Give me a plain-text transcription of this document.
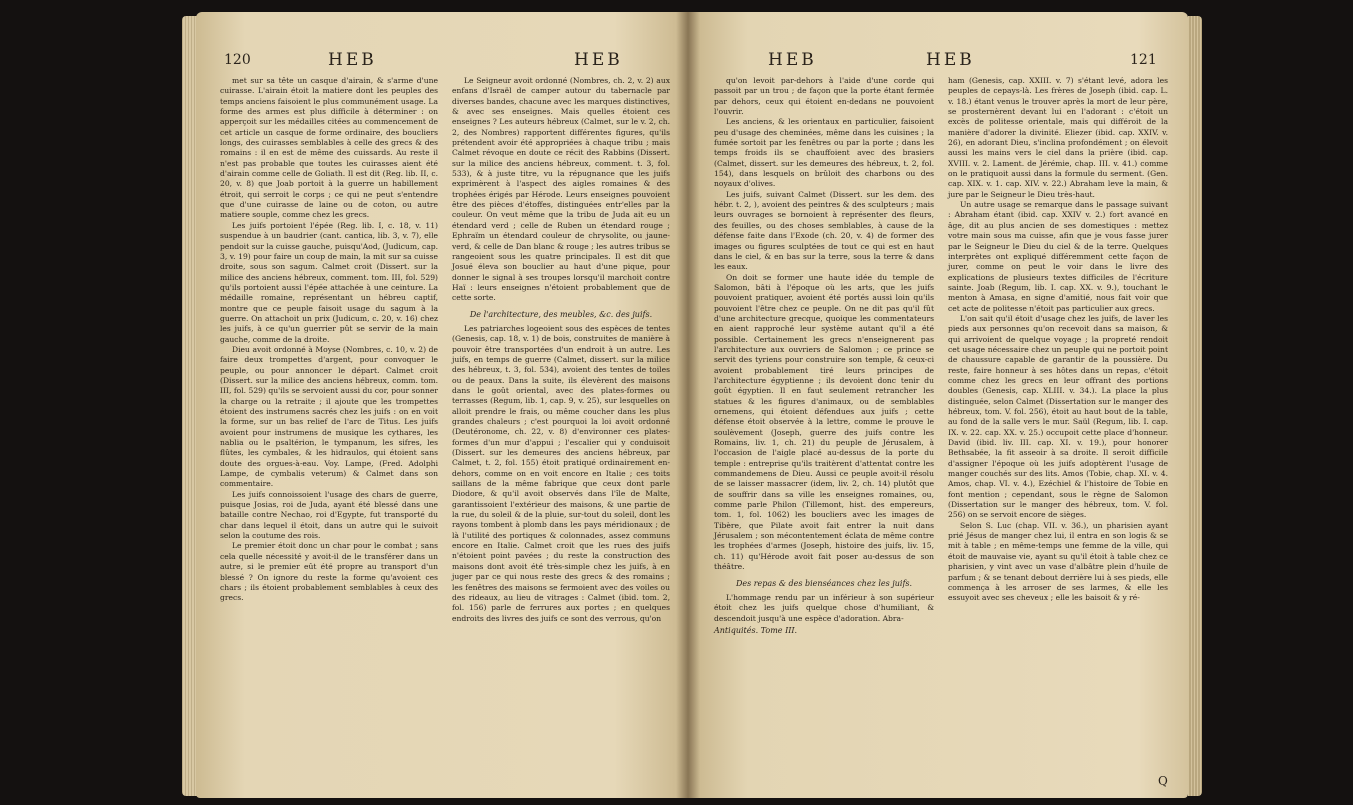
120	HEB	HEB

met sur sa tête un casque d'airain, & s'arme d'une cuirasse. L'airain étoit la matiere dont les peuples des temps anciens faisoient le plus communément usage. La forme des armes est plus difficile à déterminer : on apperçoit sur les médailles citées au commencement de cet article un casque de forme ordinaire, des boucliers longs, des cuirasses semblables à celle des grecs & des romains : il en est de même des cuissards. Au reste il n'est pas probable que toutes les cuirasses aient été d'airain comme celle de Goliath. Il est dit (Reg. lib. II, c. 20, v. 8) que Joab portoit à la guerre un habillement étroit, qui serroit le corps ; ce qui ne peut s'entendre que d'une cuirasse de laine ou de coton, ou autre matiere souple, comme chez les grecs.

Les juifs portoient l'épée (Reg. lib. I, c. 18, v. 11) suspendue à un baudrier (cant. cantica, lib. 3, v. 7), elle pendoit sur la cuisse gauche, puisqu'Aod, (Judicum, cap. 3, v. 19) pour faire un coup de main, la mit sur sa cuisse droite, sous son sagum. Calmet croit (Dissert. sur la milice des anciens hébreux, comment. tom. III, fol. 529) qu'ils portoient aussi l'épée attachée à une ceinture. La médaille romaine, représentant un hébreu captif, montre que ce peuple faisoit usage du sagum à la guerre. On attachoit un prix (Judicum, c. 20, v. 16) chez les juifs, à ce qu'un guerrier pût se servir de la main gauche, comme de la droite.

Dieu avoit ordonné à Moyse (Nombres, c. 10, v. 2) de faire deux trompettes d'argent, pour convoquer le peuple, ou pour annoncer le départ. Calmet croit (Dissert. sur la milice des anciens hébreux, comm. tom. III, fol. 529) qu'ils se servoient aussi du cor, pour sonner la charge ou la retraite ; il ajoute que les trompettes étoient des instrumens sacrés chez les juifs : on en voit la forme, sur un bas relief de l'arc de Titus. Les juifs avoient pour instrumens de musique les cythares, les nablia ou le psaltérion, le tympanum, les sifres, les flûtes, les cymbales, & les hidraulos, qui étoient sans doute des orgues-à-eau. Voy. Lampe, (Fred. Adolphi Lampe, de cymbalis veterum) & Calmet dans son commentaire.

Les juifs connoissoient l'usage des chars de guerre, puisque Josias, roi de Juda, ayant été blessé dans une bataille contre Nechao, roi d'Egypte, fut transporté du char dans lequel il étoit, dans un autre qui le suivoit selon la coutume des rois.

Le premier étoit donc un char pour le combat ; sans cela quelle nécessité y avoit-il de le transférer dans un autre, si le premier eût été propre au transport d'un blessé ? On ignore du reste la forme qu'avoient ces chars ; ils étoient probablement semblables à ceux des grecs.

Le Seigneur avoit ordonné (Nombres, ch. 2, v. 2) aux enfans d'Israël de camper autour du tabernacle par diverses bandes, chacune avec les marques distinctives, & avec ses enseignes. Mais quelles étoient ces enseignes ? Les auteurs hébreux (Calmet, sur le v. 2, ch. 2, des Nombres) rapportent différentes figures, qu'ils prétendent avoir été appropriées à chaque tribu ; mais Calmet révoque en doute ce récit des Rabbins (Dissert. sur la milice des anciens hébreux, comment. t. 3, fol. 533), & à juste titre, vu la répugnance que les juifs exprimèrent à l'aspect des aigles romaines & des trophées érigés par Hérode. Leurs enseignes pouvoient être des pièces d'étoffes, distinguées entr'elles par la couleur. On veut même que la tribu de Juda ait eu un étendard verd ; celle de Ruben un étendard rouge ; Ephraïm un étendard couleur de chrysolite, ou jaune-verd, & celle de Dan blanc & rouge ; les autres tribus se rangeoient sous les quatre principales. Il est dit que Josué éleva son bouclier au haut d'une pique, pour donner le signal à ses troupes lorsqu'il marchoit contre Haï : leurs enseignes n'étoient probablement que de cette sorte.

De l'architecture, des meubles, &c. des juifs.

Les patriarches logeoient sous des espèces de tentes (Genesis, cap. 18, v. 1) de bois, construites de manière à pouvoir être transportées d'un endroit à un autre. Les juifs, en temps de guerre (Calmet, dissert. sur la milice des hébreux, t. 3, fol. 534), avoient des tentes de toiles ou de peaux. Dans la suite, ils élevèrent des maisons dans le goût oriental, avec des plates-formes ou terrasses (Regum, lib. 1, cap. 9, v. 25), sur lesquelles on alloit prendre le frais, ou même coucher dans les plus grandes chaleurs ; c'est pourquoi la loi avoit ordonné (Deutéronome, ch. 22, v. 8) d'environner ces plates-formes d'un mur d'appui ; l'escalier qui y conduisoit (Dissert. sur les demeures des anciens hébreux, par Calmet, t. 2, fol. 155) étoit pratiqué ordinairement en-dehors, comme on en voit encore en Italie ; ces toits saillans de la même fabrique que ceux dont parle Diodore, & qu'il avoit observés dans l'île de Malte, garantissoient l'extérieur des maisons, & une partie de la rue, du soleil & de la pluie, sur-tout du soleil, dont les rayons tombent à plomb dans les pays méridionaux ; de là l'utilité des portiques & colonnades, assez communs encore en Italie. Calmet croit que les rues des juifs n'étoient point pavées ; du reste la construction des maisons dont avoit été très-simple chez les juifs, à en juger par ce qui nous reste des grecs & des romains ; les fenêtres des maisons se fermoient avec des voiles ou des rideaux, au lieu de vitrages : Calmet (ibid. tom. 2, fol. 156) parle de ferrures aux portes ; en quelques endroits des livres des juifs ce sont des verrous, qu'on

HEB	HEB	121

qu'on levoit par-dehors à l'aide d'une corde qui passoit par un trou ; de façon que la porte étant fermée par dehors, ceux qui étoient en-dedans ne pouvoient l'ouvrir.

Les anciens, & les orientaux en particulier, faisoient peu d'usage des cheminées, même dans les cuisines ; la fumée sortoit par les fenêtres ou par la porte ; dans les temps froids ils se chauffoient avec des brasiers (Calmet, dissert. sur les demeures des hébreux, t. 2, fol. 154), dans lesquels on brûloit des charbons ou des noyaux d'olives.

Les juifs, suivant Calmet (Dissert. sur les dem. des hébr. t. 2, ), avoient des peintres & des sculpteurs ; mais leurs ouvrages se bornoient à représenter des fleurs, des feuilles, ou des choses semblables, à cause de la défense faite dans l'Exode (ch. 20, v. 4) de former des images ou figures sculptées de tout ce qui est en haut dans le ciel, & en bas sur la terre, sous la terre & dans les eaux.

On doit se former une haute idée du temple de Salomon, bâti à l'époque où les arts, que les juifs pouvoient pratiquer, avoient été portés aussi loin qu'ils pouvoient l'être chez ce peuple. On ne dit pas qu'il fût d'une architecture grecque, quoique les commentateurs en aient rapproché leur système autant qu'il a été possible. Certainement les grecs n'enseignerent pas l'architecture aux ouvriers de Salomon ; ce prince se servit des tyriens pour construire son temple, & ceux-ci avoient probablement tiré leurs principes de l'architecture égyptienne ; ils devoient donc tenir du goût égyptien. Il en faut seulement retrancher les statues & les figures d'animaux, ou de semblables ornemens, qui étoient défendues aux juifs ; cette défense étoit observée à la lettre, comme le prouve le soulèvement (Joseph, guerre des juifs contre les Romains, liv. 1, ch. 21) du peuple de Jérusalem, à l'occasion de l'aigle placé au-dessus de la porte du temple : entreprise qu'ils traitèrent d'attentat contre les commandemens de Dieu. Aussi ce peuple avoit-il résolu de se laisser massacrer (idem, liv. 2, ch. 14) plutôt que de souffrir dans sa ville les enseignes romaines, ou, comme parle Philon (Tillemont, hist. des empereurs, tom. 1, fol. 1062) les boucliers avec les images de Tibère, que Pilate avoit fait entrer la nuit dans Jérusalem ; son mécontentement éclata de même contre les trophées d'armes (Joseph, histoire des juifs, liv. 15, ch. 11) qu'Hérode avoit fait poser au-dessus de son théâtre.

Des repas & des bienséances chez les juifs.

L'hommage rendu par un inférieur à son supérieur étoit chez les juifs quelque chose d'humiliant, & descendoit jusqu'à une espèce d'adoration. Abra-

Antiquités. Tome III.

ham (Genesis, cap. XXIII. v. 7) s'étant levé, adora les peuples de cepays-là. Les frères de Joseph (ibid. cap. L. v. 18.) étant venus le trouver après la mort de leur père, se prosternèrent devant lui en l'adorant : c'étoit un excès de politesse orientale, mais qui différoit de la manière d'adorer la divinité. Eliezer (ibid. cap. XXIV. v. 26), en adorant Dieu, s'inclina profondément ; on élevoit aussi les mains vers le ciel dans la prière (ibid. cap. XVIII. v. 2. Lament. de Jérémie, chap. III. v. 41.) comme on le pratiquoit aussi dans la formule du serment. (Gen. cap. XIX. v. 1. cap. XIV. v. 22.) Abraham leve la main, & jure par le Seigneur le Dieu très-haut.

Un autre usage se remarque dans le passage suivant : Abraham étant (ibid. cap. XXIV v. 2.) fort avancé en âge, dit au plus ancien de ses domestiques : mettez votre main sous ma cuisse, afin que je vous fasse jurer par le Seigneur le Dieu du ciel & de la terre. Quelques interprètes ont expliqué différemment cette façon de jurer, comme on peut le voir dans le livre des explications de plusieurs textes difficiles de l'écriture sainte. Joab (Regum, lib. I. cap. XX. v. 9.), touchant le menton à Amasa, en signe d'amitié, nous fait voir que cet acte de politesse n'étoit pas particulier aux grecs.

L'on sait qu'il étoit d'usage chez les juifs, de laver les pieds aux personnes qu'on recevoit dans sa maison, & qui arrivoient de quelque voyage ; la propreté rendoit cet usage nécessaire chez un peuple qui ne portoit point de chaussure capable de garantir de la poussière. Du reste, faire honneur à ses hôtes dans un repas, c'étoit comme chez les grecs en leur offrant des portions doubles (Genesis, cap. XLIII. v. 34.). La place la plus distinguée, selon Calmet (Dissertation sur le manger des hébreux, tom. V. fol. 256), étoit au haut bout de la table, au fond de la salle vers le mur. Saül (Regum, lib. I. cap. IX. v. 22. cap. XX. v. 25.) occupoit cette place d'honneur. David (ibid. liv. III. cap. XI. v. 19.), pour honorer Bethsabée, la fit asseoir à sa droite. Il seroit difficile d'assigner l'époque où les juifs adoptèrent l'usage de manger couchés sur des lits. Amos (Tobie, chap. XI. v. 4. Amos, chap. VI. v. 4.), Ezéchiel & l'histoire de Tobie en font mention ; cependant, sous le règne de Salomon (Dissertation sur le manger des hébreux, tom. V. fol. 256) on se servoit encore de sièges.

Selon S. Luc (chap. VII. v. 36.), un pharisien ayant prié Jésus de manger chez lui, il entra en son logis & se mit à table ; en même-temps une femme de la ville, qui étoit de mauvaise vie, ayant su qu'il étoit à table chez ce pharisien, y vint avec un vase d'albâtre plein d'huile de parfum ; & se tenant debout derrière lui à ses pieds, elle commença à les arroser de ses larmes, & elle les essuyoit avec ses cheveux ; elle les baisoit & y ré-

Q
